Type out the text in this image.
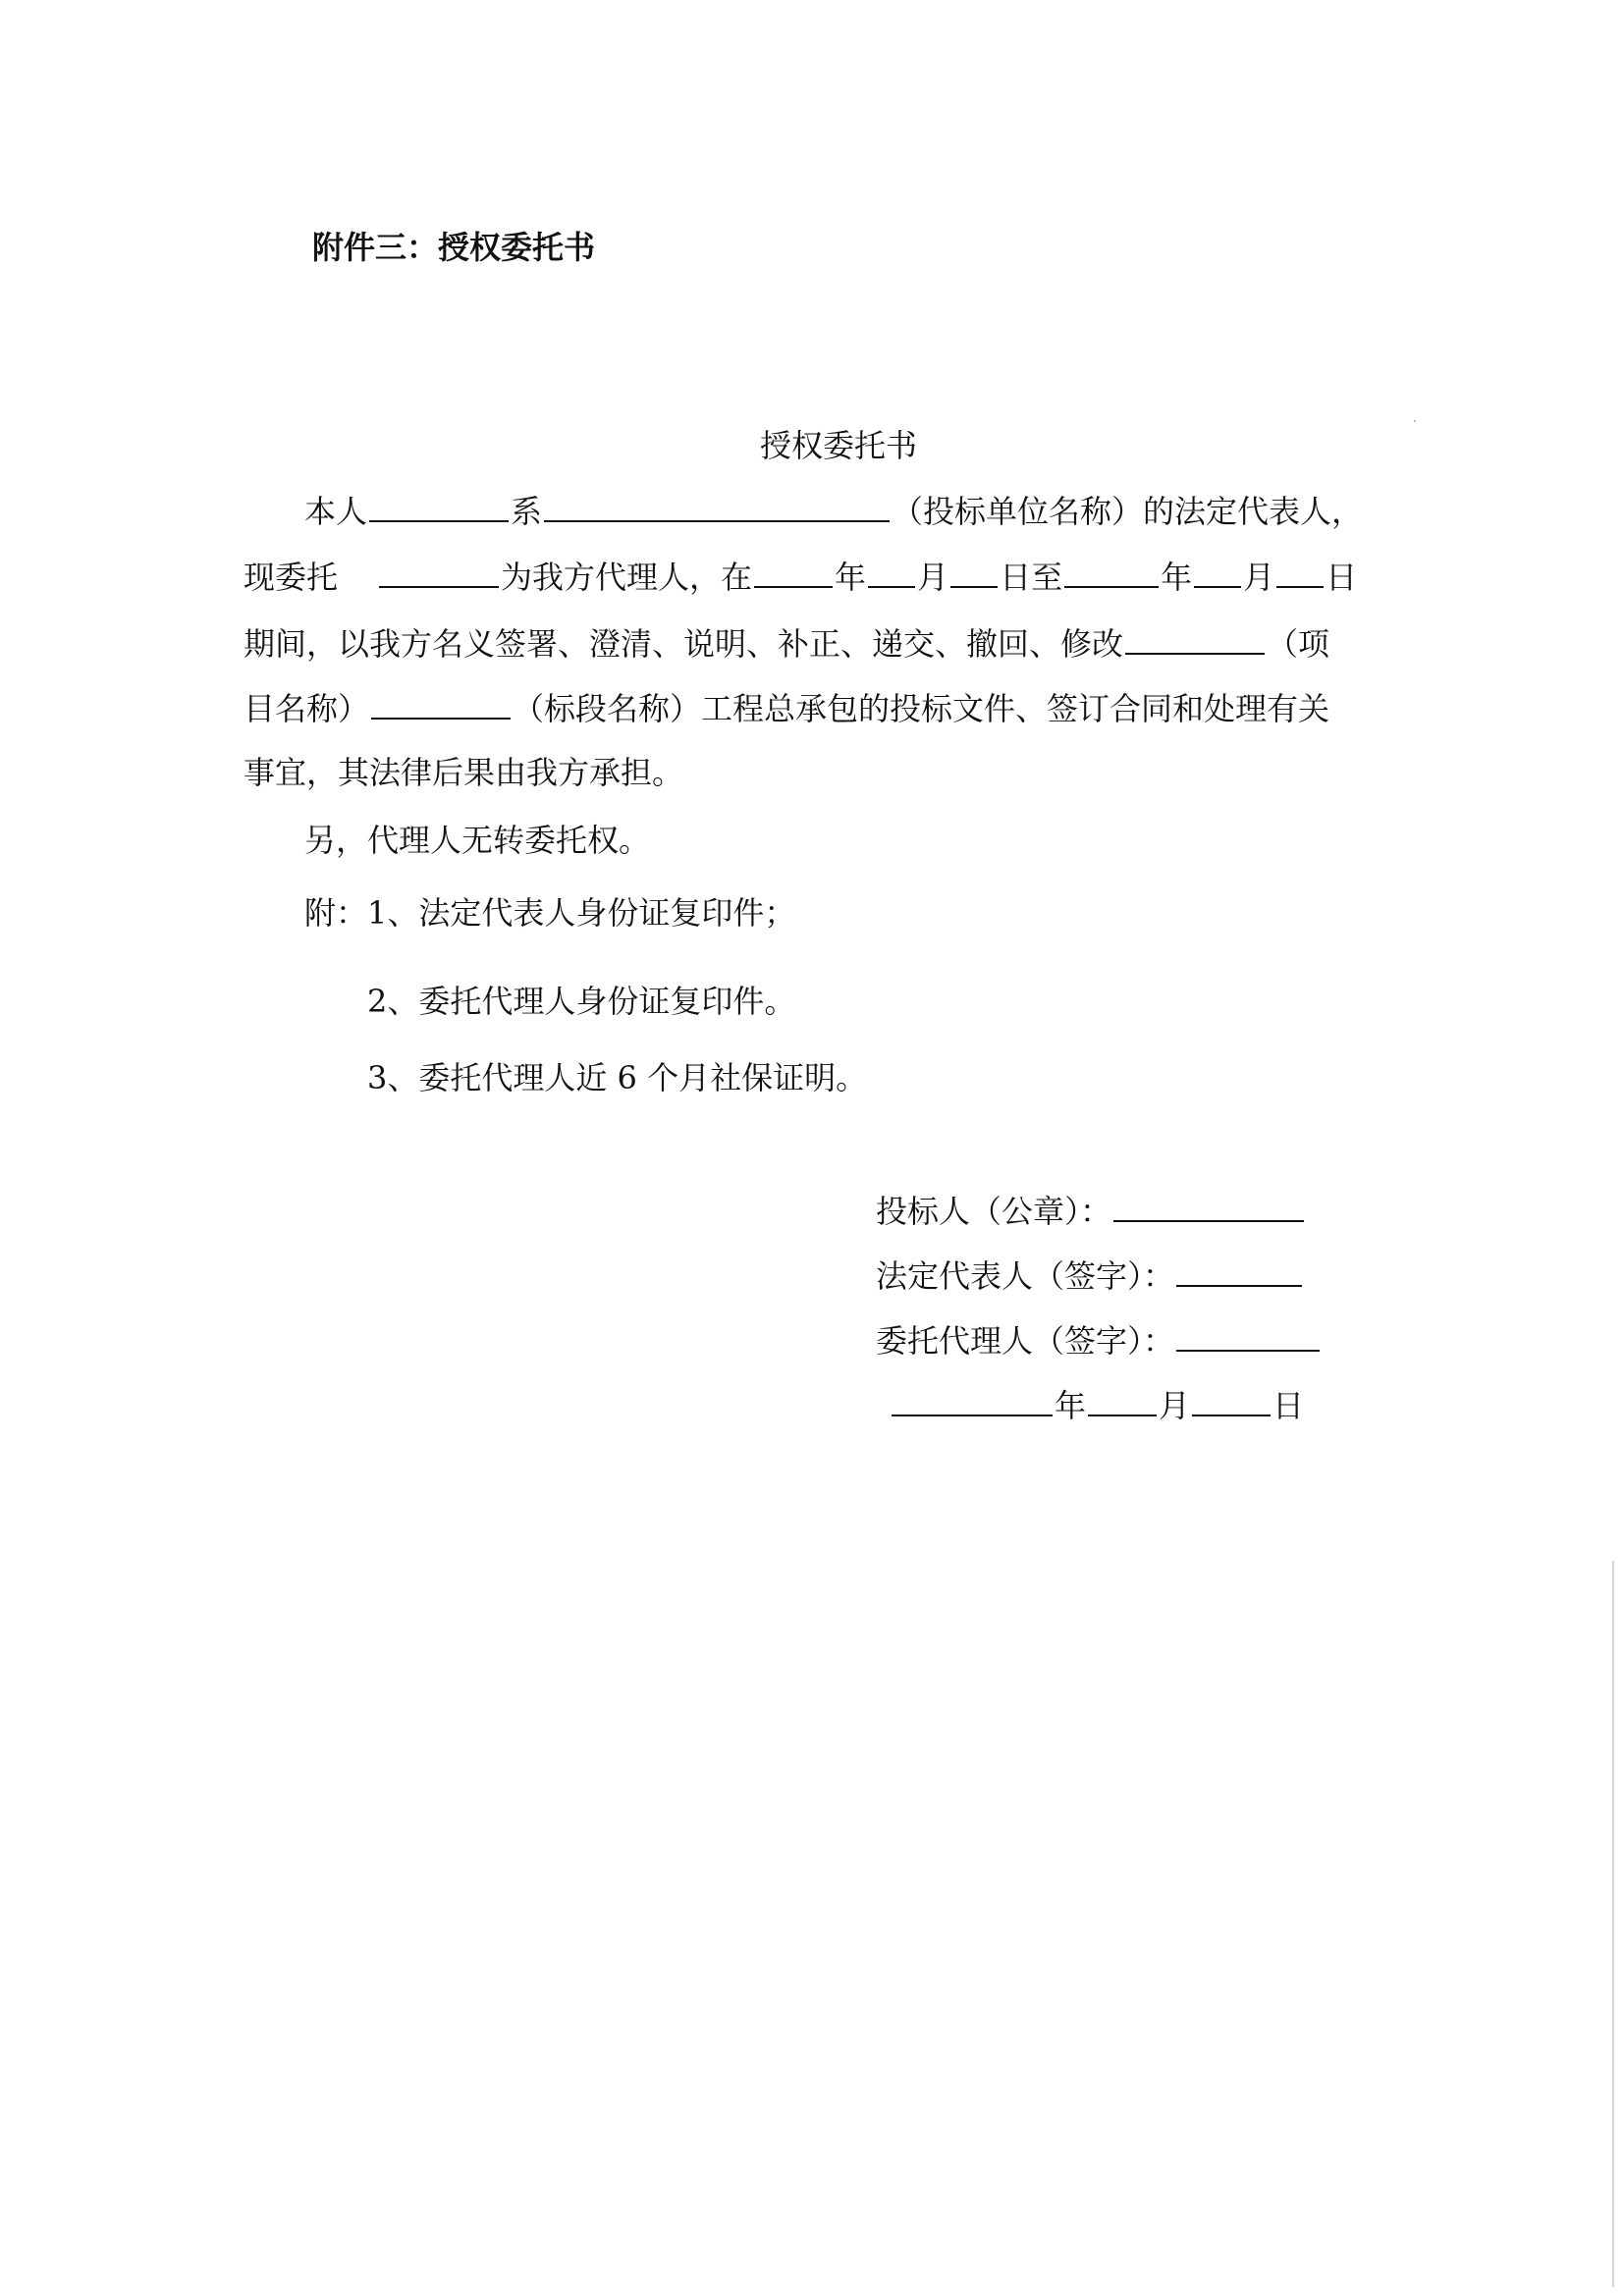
附件三：授权委托书
授权委托书
本人	系	（投标单位名称）的法定代表人，
现委托	为我方代理人，在	年 月 日至	年 月 日
期间，以我方名义签署、澄清、说明、补正、递交、撤回、修改	（项
目名称）	（标段名称）工程总承包的投标文件、签订合同和处理有关
事宜，其法律后果由我方承担。
另，代理人无转委托权。
附：1、法定代表人身份证复印件；
2、委托代理人身份证复印件。
3、委托代理人近 6 个月社保证明。
投标人（公章）：
法定代表人（签字）：
委托代理人（签字）：
年 月	日
